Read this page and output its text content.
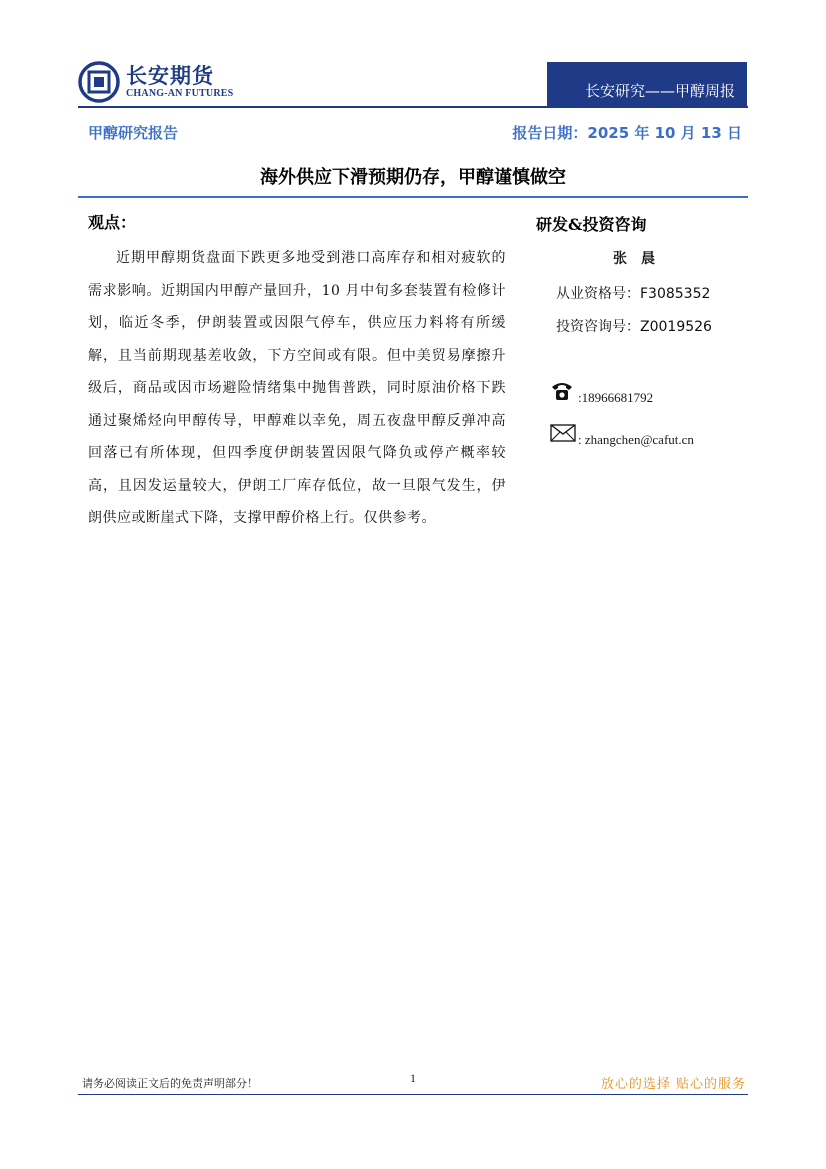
长安期货
CHANG-AN FUTURES	长安研究——甲醇周报
甲醇研究报告	报告日期：2025 年 10 月 13 日
海外供应下滑预期仍存，甲醇谨慎做空
观点：
近期甲醇期货盘面下跌更多地受到港口高库存和相对疲软的需求影响。近期国内甲醇产量回升，10 月中旬多套装置有检修计划，临近冬季，伊朗装置或因限气停车，供应压力料将有所缓解，且当前期现基差收敛，下方空间或有限。但中美贸易摩擦升级后，商品或因市场避险情绪集中抛售普跌，同时原油价格下跌通过聚烯烃向甲醇传导，甲醇难以幸免，周五夜盘甲醇反弹冲高回落已有所体现，但四季度伊朗装置因限气降负或停产概率较高，且因发运量较大，伊朗工厂库存低位，故一旦限气发生，伊朗供应或断崖式下降，支撑甲醇价格上行。仅供参考。
研发&投资咨询
张晨
从业资格号：F3085352
投资咨询号：Z0019526
:18966681792
: zhangchen@cafut.cn
请务必阅读正文后的免责声明部分！	1	放心的选择 贴心的服务
